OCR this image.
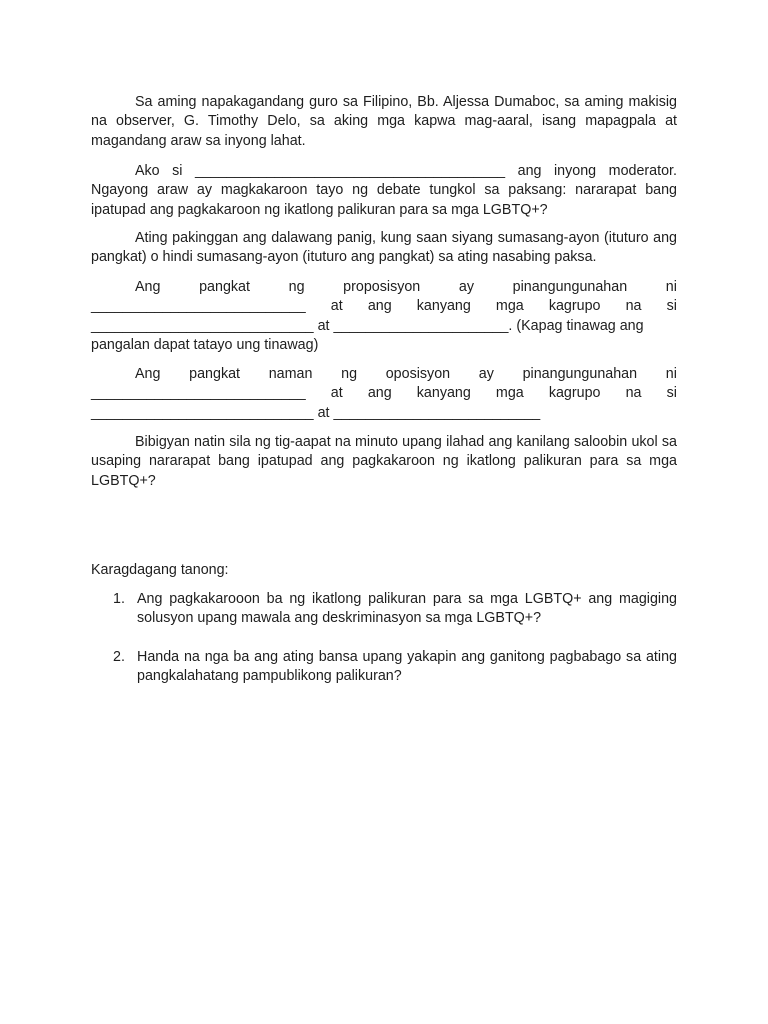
Sa aming napakagandang guro sa Filipino, Bb. Aljessa Dumaboc, sa aming makisig na observer, G. Timothy Delo, sa aking mga kapwa mag-aaral, isang mapagpala at magandang araw sa inyong lahat.

Ako si _______________________________________ ang inyong moderator. Ngayong araw ay magkakaroon tayo ng debate tungkol sa paksang: nararapat bang ipatupad ang pagkakaroon ng ikatlong palikuran para sa mga LGBTQ+?

Ating pakinggan ang dalawang panig, kung saan siyang sumasang-ayon (ituturo ang pangkat) o hindi sumasang-ayon (ituturo ang pangkat) sa ating nasabing paksa.

Ang	pangkat	ng	proposisyon	ay	pinangungunahan	ni
___________________________ at ang kanyang mga kagrupo na si
____________________________ at ______________________. (Kapag tinawag ang
pangalan dapat tatayo ung tinawag)
Ang pangkat naman ng oposisyon ay pinangungunahan ni
___________________________ at ang kanyang mga kagrupo na si
____________________________ at __________________________

Bibigyan natin sila ng tig-aapat na minuto upang ilahad ang kanilang saloobin ukol sa usaping nararapat bang ipatupad ang pagkakaroon ng ikatlong palikuran para sa mga LGBTQ+?

Karagdagang tanong:
1. Ang pagkakarooon ba ng ikatlong palikuran para sa mga LGBTQ+ ang magiging solusyon upang mawala ang deskriminasyon sa mga LGBTQ+?
2. Handa na nga ba ang ating bansa upang yakapin ang ganitong pagbabago sa ating pangkalahatang pampublikong palikuran?
